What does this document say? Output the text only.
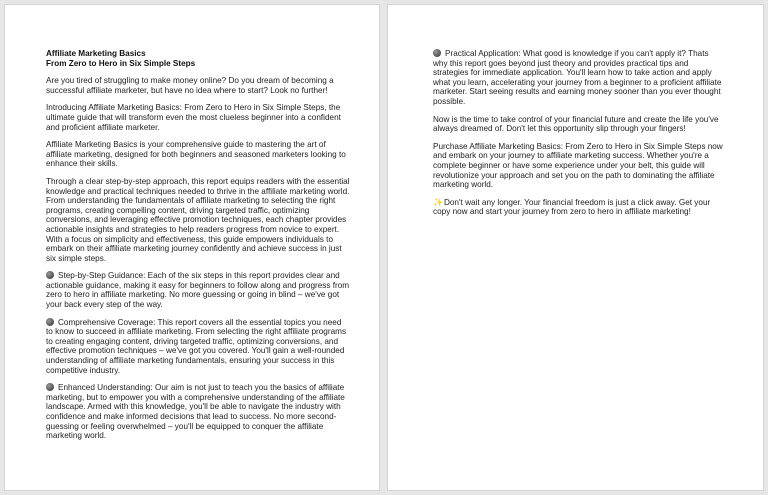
Affiliate Marketing Basics
From Zero to Hero in Six Simple Steps

Are you tired of struggling to make money online? Do you dream of becoming a successful affiliate marketer, but have no idea where to start? Look no further!

Introducing Affiliate Marketing Basics: From Zero to Hero in Six Simple Steps, the ultimate guide that will transform even the most clueless beginner into a confident and proficient affiliate marketer.

Affiliate Marketing Basics is your comprehensive guide to mastering the art of affiliate marketing, designed for both beginners and seasoned marketers looking to enhance their skills.

Through a clear step-by-step approach, this report equips readers with the essential knowledge and practical techniques needed to thrive in the affiliate marketing world. From understanding the fundamentals of affiliate marketing to selecting the right programs, creating compelling content, driving targeted traffic, optimizing conversions, and leveraging effective promotion techniques, each chapter provides actionable insights and strategies to help readers progress from novice to expert. With a focus on simplicity and effectiveness, this guide empowers individuals to embark on their affiliate marketing journey confidently and achieve success in just six simple steps.

Step-by-Step Guidance: Each of the six steps in this report provides clear and actionable guidance, making it easy for beginners to follow along and progress from zero to hero in affiliate marketing. No more guessing or going in blind – we've got your back every step of the way.

Comprehensive Coverage: This report covers all the essential topics you need to know to succeed in affiliate marketing. From selecting the right affiliate programs to creating engaging content, driving targeted traffic, optimizing conversions, and effective promotion techniques – we've got you covered. You'll gain a well-rounded understanding of affiliate marketing fundamentals, ensuring your success in this competitive industry.

Enhanced Understanding: Our aim is not just to teach you the basics of affiliate marketing, but to empower you with a comprehensive understanding of the affiliate landscape. Armed with this knowledge, you'll be able to navigate the industry with confidence and make informed decisions that lead to success. No more second-guessing or feeling overwhelmed – you'll be equipped to conquer the affiliate marketing world.

Practical Application: What good is knowledge if you can't apply it? Thats why this report goes beyond just theory and provides practical tips and strategies for immediate application. You'll learn how to take action and apply what you learn, accelerating your journey from a beginner to a proficient affiliate marketer. Start seeing results and earning money sooner than you ever thought possible.

Now is the time to take control of your financial future and create the life you've always dreamed of. Don't let this opportunity slip through your fingers!

Purchase Affiliate Marketing Basics: From Zero to Hero in Six Simple Steps now and embark on your journey to affiliate marketing success. Whether you're a complete beginner or have some experience under your belt, this guide will revolutionize your approach and set you on the path to dominating the affiliate marketing world.

✨Don't wait any longer. Your financial freedom is just a click away. Get your copy now and start your journey from zero to hero in affiliate marketing!
